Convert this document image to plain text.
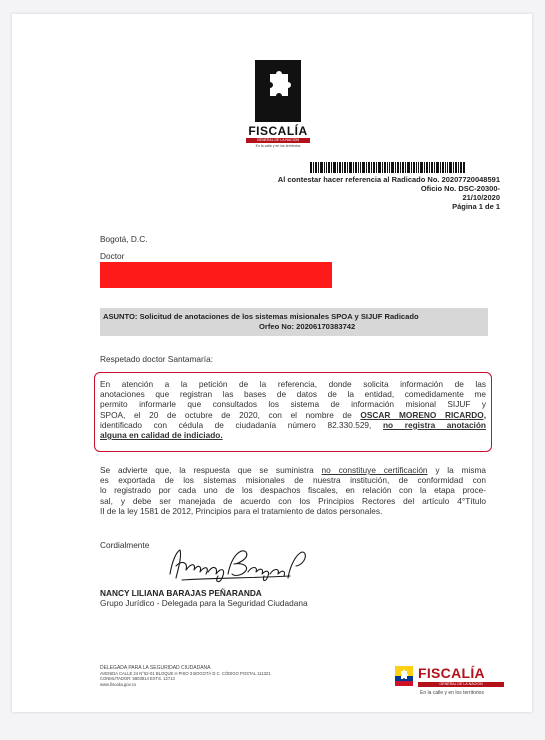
FISCALÍA
GENERAL DE LA NACIÓN
En la calle y en los territorios
Al contestar hacer referencia al Radicado No. 20207720048591
Oficio No. DSC-20300-
21/10/2020
Página 1 de 1
Bogotá, D.C.
Doctor
ASUNTO: Solicitud de anotaciones de los sistemas misionales SPOA y SIJUF Radicado
Orfeo No: 20206170383742
Respetado doctor Santamaría:
En atención a la petición de la referencia, donde solicita información de las
anotaciones que registran las bases de datos de la entidad, comedidamente me
permito informarle que consultados los sistema de información misional SIJUF y
SPOA, el 20 de octubre de 2020, con el nombre de OSCAR MORENO RICARDO,
identificado con cédula de ciudadanía número 82.330.529, no registra anotación
alguna en calidad de indiciado.
Se advierte que, la respuesta que se suministra no constituye certificación y la misma
es exportada de los sistemas misionales de nuestra institución, de conformidad con
lo registrado por cada uno de los despachos fiscales, en relación con la etapa proce-
sal, y debe ser manejada de acuerdo con los Principios Rectores del artículo 4°Título
II de la ley 1581 de 2012, Principios para el tratamiento de datos personales.
Cordialmente
NANCY LILIANA BARAJAS PEÑARANDA
Grupo Jurídico - Delegada para la Seguridad Ciudadana
DELEGADA PARA LA SEGURIDAD CIUDADANA
AVENIDA CALLE 24 N°52-01 BLOQUE H PISO 3 BOGOTÁ D.C. CÓDIGO POSTAL 111321
CONMUTADOR: 5803814 EXTS. 12713
www.fiscalia.gov.co
FISCALÍA
GENERAL DE LA NACIÓN
En la calle y en los territorios
